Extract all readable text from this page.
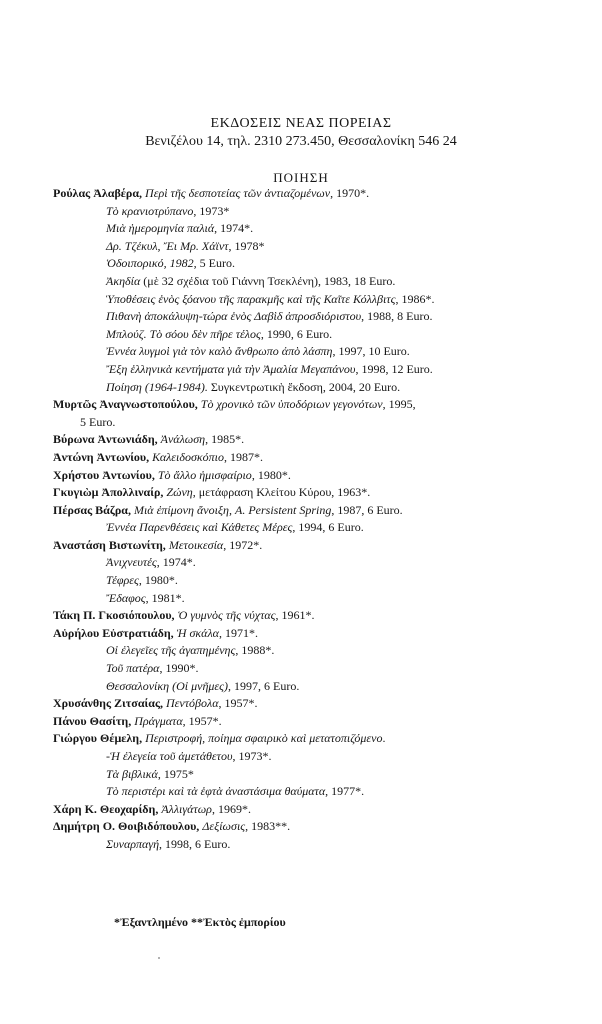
ΕΚΔΟΣΕΙΣ ΝΕΑΣ ΠΟΡΕΙΑΣ
Βενιζέλου 14, τηλ. 2310 273.450, Θεσσαλονίκη 546 24
ΠΟΙΗΣΗ
Ρούλας Ἀλαβέρα, Περὶ τῆς δεσποτείας τῶν ἀντιαζομένων, 1970*.
Τὸ κρανιοτρύπανο, 1973*
Μιὰ ἡμερομηνία παλιά, 1974*.
Δρ. Τζέκυλ, Ἔι Μρ. Χάϊντ, 1978*
Ὁδοιπορικό, 1982, 5 Euro.
Ἀκηδία (μὲ 32 σχέδια τοῦ Γιάννη Τσεκλένη), 1983, 18 Euro.
Ὑποθέσεις ἑνὸς ξόανου τῆς παρακμῆς καὶ τῆς Καῖτε Κόλλβιτς, 1986*.
Πιθανὴ ἀποκάλυψη-τώρα ἑνὸς Δαβὶδ ἀπροσδιόριστου, 1988, 8 Euro.
Μπλούζ. Τὸ σόου δὲν πῆρε τέλος, 1990, 6 Euro.
Ἐννέα λυγμοὶ γιὰ τὸν καλὸ ἄνθρωπο ἀπὸ λάσπη, 1997, 10 Euro.
Ἔξη ἑλληνικὰ κεντήματα γιὰ τὴν Ἀμαλία Μεγαπάνου, 1998, 12 Euro.
Ποίηση (1964-1984). Συγκεντρωτικὴ ἔκδοση, 2004, 20 Euro.
Μυρτῶς Ἀναγνωστοπούλου, Τὸ χρονικὸ τῶν ὑποδόριων γεγονότων, 1995,
5 Euro.
Βύρωνα Ἀντωνιάδη, Ἀνάλωση, 1985*.
Ἀντώνη Ἀντωνίου, Καλειδοσκόπιο, 1987*.
Χρήστου Ἀντωνίου, Τὸ ἄλλο ἡμισφαίριο, 1980*.
Γκυγιὼμ Ἀπολλιναίρ, Ζώνη, μετάφραση Κλείτου Κύρου, 1963*.
Πέρσας Βάζρα, Μιὰ ἐπίμονη ἄνοιξη, A. Persistent Spring, 1987, 6 Euro.
Ἐννέα Παρενθέσεις καὶ Κάθετες Μέρες, 1994, 6 Euro.
Ἀναστάση Βιστωνίτη, Μετοικεσία, 1972*.
Ἀνιχνευτές, 1974*.
Τέφρες, 1980*.
Ἔδαφος, 1981*.
Τάκη Π. Γκοσιόπουλου, Ὁ γυμνὸς τῆς νύχτας, 1961*.
Αὐρήλου Εὐστρατιάδη, Ἡ σκάλα, 1971*.
Οἱ ἐλεγεῖες τῆς ἀγαπημένης, 1988*.
Τοῦ πατέρα, 1990*.
Θεσσαλονίκη (Οἱ μνῆμες), 1997, 6 Euro.
Χρυσάνθης Ζιτσαίας, Πεντόβολα, 1957*.
Πάνου Θασίτη, Πράγματα, 1957*.
Γιώργου Θέμελη, Περιστροφή, ποίημα σφαιρικὸ καὶ μετατοπιζόμενο.
-Ἡ ἐλεγεία τοῦ ἀμετάθετου, 1973*.
Τὰ βιβλικά, 1975*
Τὸ περιστέρι καὶ τὰ ἑφτὰ ἀναστάσιμα θαύματα, 1977*.
Χάρη Κ. Θεοχαρίδη, Ἀλλιγάτωρ, 1969*.
Δημήτρη Ο. Θοιβιδόπουλου, Δεξίωσις, 1983**.
Συναρπαγή, 1998, 6 Euro.
*Ἐξαντλημένο **Ἐκτὸς ἐμπορίου
